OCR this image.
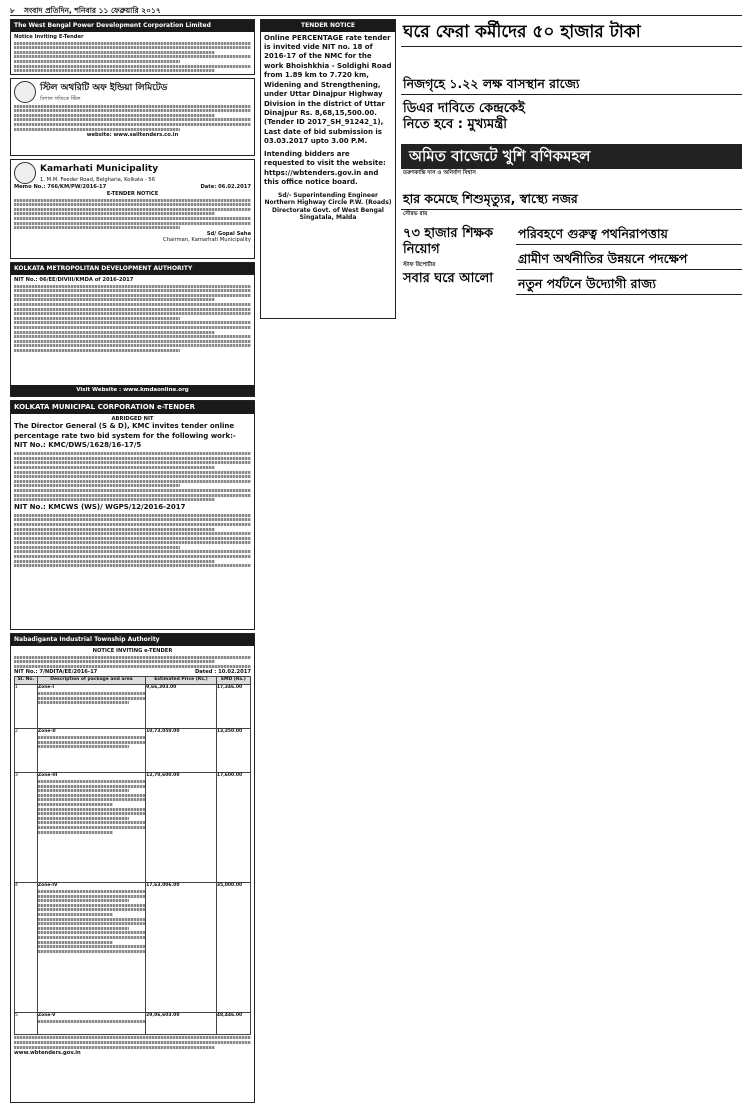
৮ সংবাদ প্রতিদিন, শনিবার ১১ ফেব্রুয়ারি ২০১৭
The West Bengal Power Development Corporation Limited
Notice Inviting E-Tender
স্টিল অথরিটি অফ ইন্ডিয়া লিমিটেড
বিশাল গতিকে স্টিল
website: www.sailtenders.co.in
Kamarhati Municipality
1, M.M. Feeder Road, Belgharia, Kolkata - 56
Memo No.: 766/KM/PW/2016-17	Date: 06.02.2017
E-TENDER NOTICE
Sd/ Gopal Saha
Chairman, Kamarhati Municipality
KOLKATA METROPOLITAN DEVELOPMENT AUTHORITY
NIT No.: 06/EE/DIVIII/KMDA of 2016-2017
Visit Website : www.kmdaonline.org
KOLKATA MUNICIPAL CORPORATION e-TENDER
ABRIDGED NIT
The Director General (S & D), KMC invites tender online percentage rate two bid system for the following work:-
NIT No.: KMC/DWS/1628/16-17/5
NIT No.: KMCWS (WS)/ WGPS/12/2016-2017
Nabadiganta Industrial Township Authority
NOTICE INVITING e-TENDER
NIT No.: 7/NDITA/EE/2016-17	Dated : 10.02.2017
Sl. No.	Description of package and area	Estimated Price (Rs.)	EMD (Rs.)
1	Zone-I	9,66,303.00	17,346.00
2	Zone-II	10,73,050.00	13,350.00
3	Zone-III	12,70,600.00	17,600.00
4	Zone-IV	17,63,006.00	35,000.00
5	Zone-V	29,06,603.00	48,446.00
www.wbtenders.gov.in
TENDER NOTICE
Online PERCENTAGE rate tender is invited vide NIT no. 18 of 2016-17 of the NMC for the work Bhoishkhia - Soldighi Road from 1.89 km to 7.720 km, Widening and Strengthening, under Uttar Dinajpur Highway Division in the district of Uttar Dinajpur Rs. 8,68,15,500.00. (Tender ID 2017_SH_91242_1), Last date of bid submission is 03.03.2017 upto 3.00 P.M.
Intending bidders are requested to visit the website: https://wbtenders.gov.in and this office notice board.
Sd/- Superintending Engineer Northern Highway Circle P.W. (Roads) Directorate Govt. of West Bengal Singatala, Malda
ঘরে ফেরা কর্মীদের ৫০ হাজার টাকা
নিজগৃহে ১.২২ লক্ষ বাসস্থান রাজ্যে
ডিএর দাবিতে কেন্দ্রকেই নিতে হবে : মুখ্যমন্ত্রী
অমিত বাজেটে খুশি বণিকমহল
তরুণকান্তি দাস ও অনির্বাণ বিশ্বাস
হার কমেছে শিশুমৃত্যুর, স্বাস্থ্যে নজর
সৌরভ রায়
৭৩ হাজার শিক্ষক নিয়োগ
স্টাফ রিপোর্টার
পরিবহণে গুরুত্ব পথনিরাপত্তায়
গ্রামীণ অর্থনীতির উন্নয়নে পদক্ষেপ
নতুন পর্যটনে উদ্যোগী রাজ্য
সবার ঘরে আলো
